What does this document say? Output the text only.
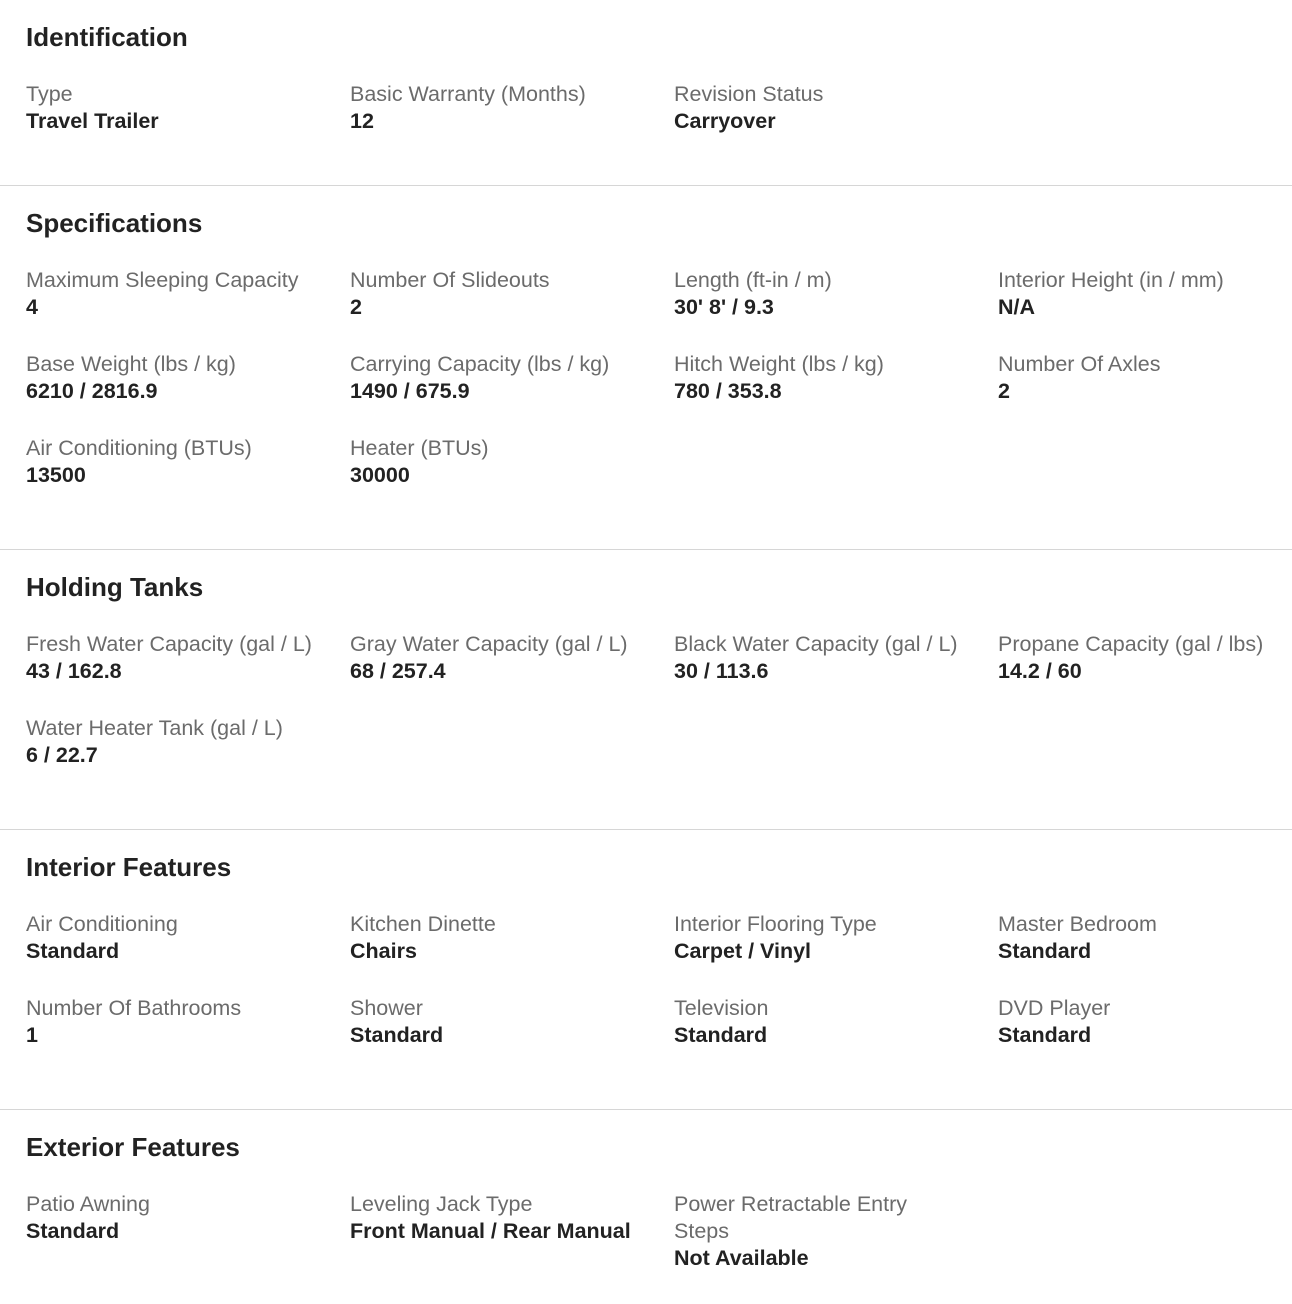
Identification
Type
Travel Trailer
Basic Warranty (Months)
12
Revision Status
Carryover
Specifications
Maximum Sleeping Capacity
4
Number Of Slideouts
2
Length (ft-in / m)
30' 8' / 9.3
Interior Height (in / mm)
N/A
Base Weight (lbs / kg)
6210 / 2816.9
Carrying Capacity (lbs / kg)
1490 / 675.9
Hitch Weight (lbs / kg)
780 / 353.8
Number Of Axles
2
Air Conditioning (BTUs)
13500
Heater (BTUs)
30000
Holding Tanks
Fresh Water Capacity (gal / L)
43 / 162.8
Gray Water Capacity (gal / L)
68 / 257.4
Black Water Capacity (gal / L)
30 / 113.6
Propane Capacity (gal / lbs)
14.2 / 60
Water Heater Tank (gal / L)
6 / 22.7
Interior Features
Air Conditioning
Standard
Kitchen Dinette
Chairs
Interior Flooring Type
Carpet / Vinyl
Master Bedroom
Standard
Number Of Bathrooms
1
Shower
Standard
Television
Standard
DVD Player
Standard
Exterior Features
Patio Awning
Standard
Leveling Jack Type
Front Manual / Rear Manual
Power Retractable Entry Steps
Not Available
